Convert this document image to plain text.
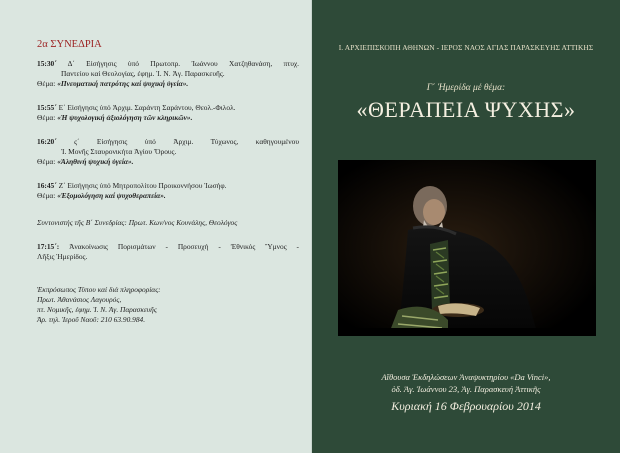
2α ΣΥΝΕΔΡΙΑ

15:30΄ Δ΄ Εἰσήγησις ὑπό Πρωτοπρ. Ἰωάννου Χατζηθανάση, πτυχ.

Παντείου καί Θεολογίας, ἐφημ. Ἱ. Ν. Ἁγ. Παρασκευῆς.

Θέμα: «Πνευματική πατρότης καί ψυχική ὑγεία».

15:55΄ Ε΄ Εἰσήγησις ὑπό Ἀρχιμ. Σαράντη Σαράντου, Θεολ.-Φιλολ.

Θέμα: «Ἡ ψυχολογική ἀξιολόγηση τῶν κληρικῶν».

16:20΄ ς΄ Εἰσήγησις ὑπό Ἀρχιμ. Τύχωνος, καθηγουμένου

Ἱ. Μονῆς Σταυρονικήτα Ἁγίου Ὄρους.

Θέμα: «Ἀληθινή ψυχική ὑγεία».

16:45΄ Ζ΄ Εἰσήγησις ὑπό Μητροπολίτου Προικοννήσου Ἰωσήφ.

Θέμα: «Ἐξομολόγηση καί ψυχοθεραπεία».

Συντονιστής τῆς Β΄ Συνεδρίας: Πρωτ. Κων/νος Κουνάλης, Θεολόγος

17:15΄: Ἀνακοίνωσις Πορισμάτων - Προσευχή - Ἐθνικός Ὕμνος -

Λῆξις Ἡμερίδος.

Ἐκπρόσωπος Τύπου καί διά πληροφορίας:

Πρωτ. Ἀθανάσιος Λαγουρός,

πτ. Νομικῆς, ἐφημ. Ἱ. Ν. Ἁγ. Παρασκευῆς

Ἀρ. τηλ. Ἱεροῦ Ναοῦ: 210 63.90.984.

Ι. ΑΡΧΙΕΠΙΣΚΟΠΗ ΑΘΗΝΩΝ - ΙΕΡΟΣ ΝΑΟΣ ΑΓΙΑΣ ΠΑΡΑΣΚΕΥΗΣ ΑΤΤΙΚΗΣ
Γ΄ Ἡμερίδα μέ θέμα:
«ΘΕΡΑΠΕΙΑ ΨΥΧΗΣ»

Αἴθουσα Ἐκδηλώσεων Ἀναψυκτηρίου «Da Vinci»,

ὁδ. Ἁγ. Ἰωάννου 23, Ἁγ. Παρασκευή Ἀττικῆς

Κυριακή 16 Φεβρουαρίου 2014
